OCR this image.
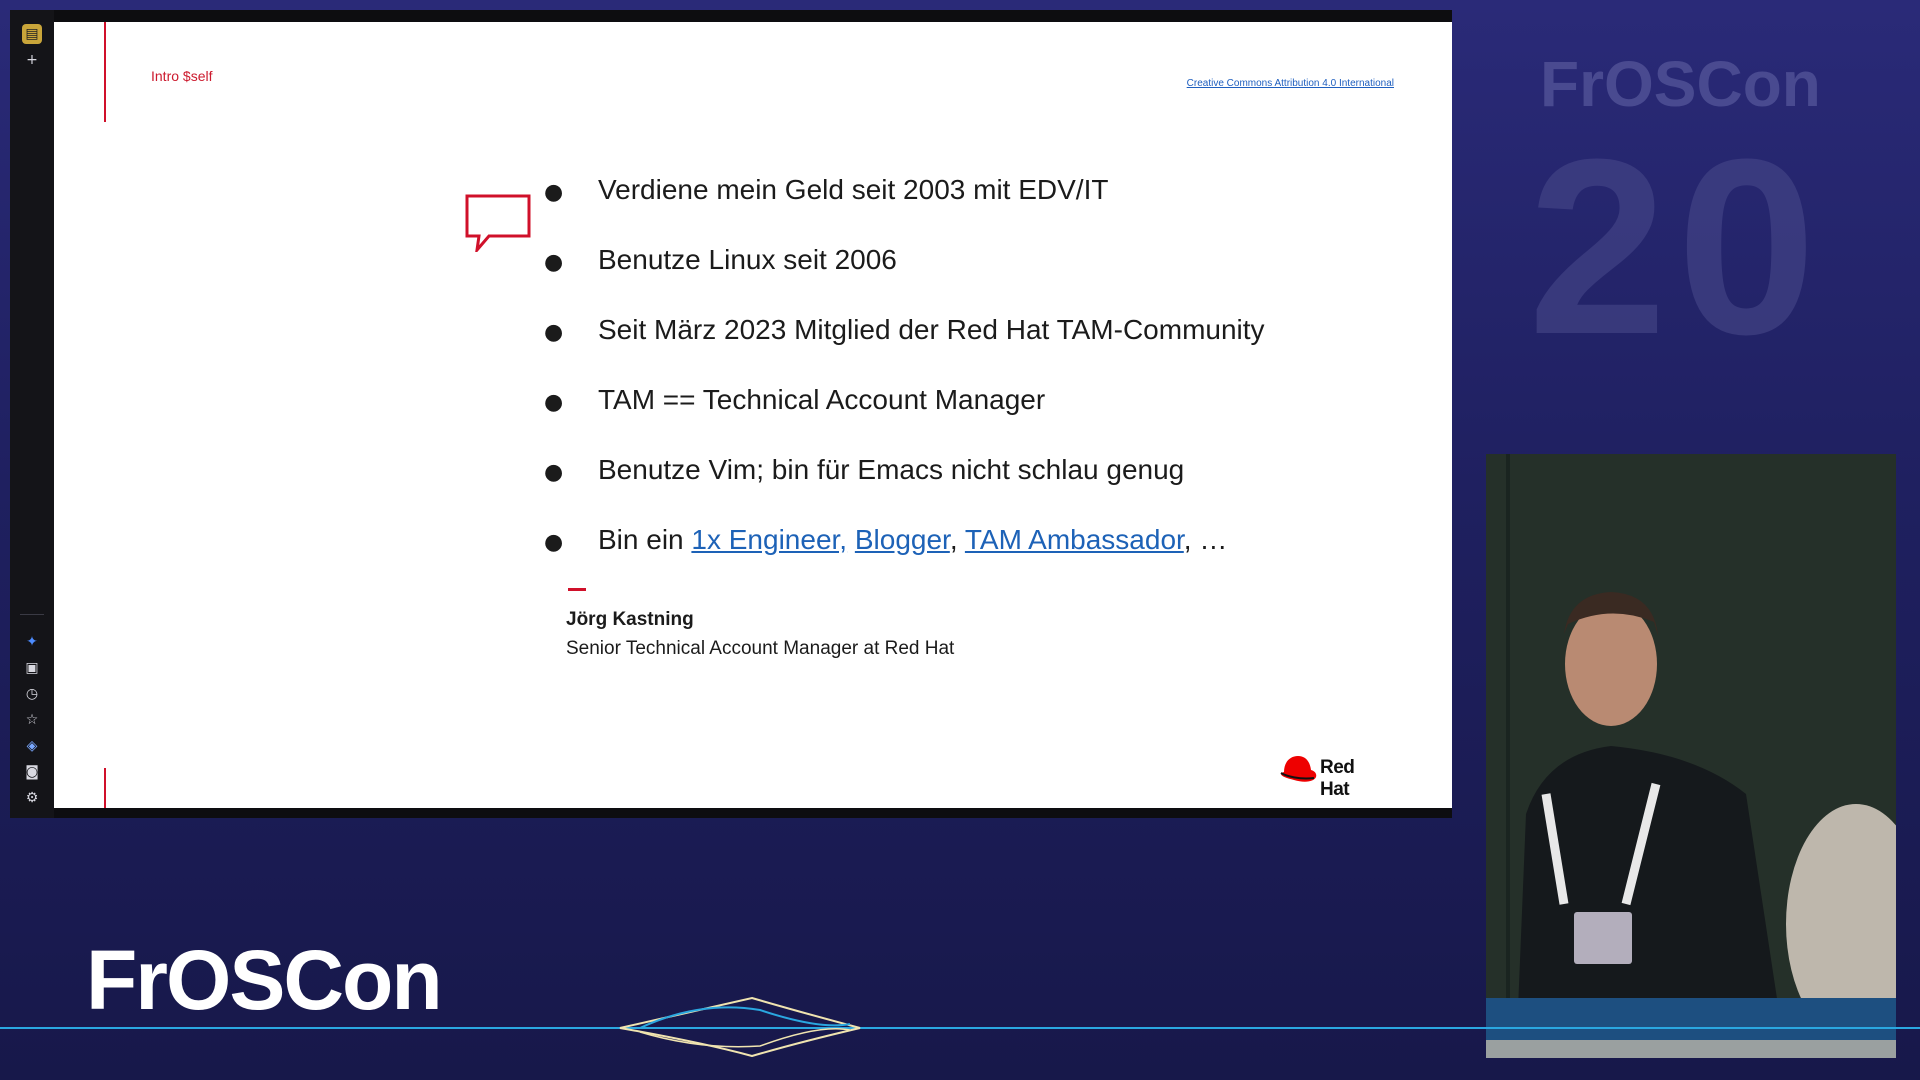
▤
+
✦
▣
◷
☆
◈
◙
⚙
Intro $self	Creative Commons Attribution 4.0 International
● Verdiene mein Geld seit 2003 mit EDV/IT
● Benutze Linux seit 2006
● Seit März 2023 Mitglied der Red Hat TAM-Community
● TAM == Technical Account Manager
● Benutze Vim; bin für Emacs nicht schlau genug
● Bin ein 1x Engineer, Blogger, TAM Ambassador, …
Jörg Kastning
Senior Technical Account Manager at Red Hat
Red Hat
FrOSCon
20
FrOSCon
